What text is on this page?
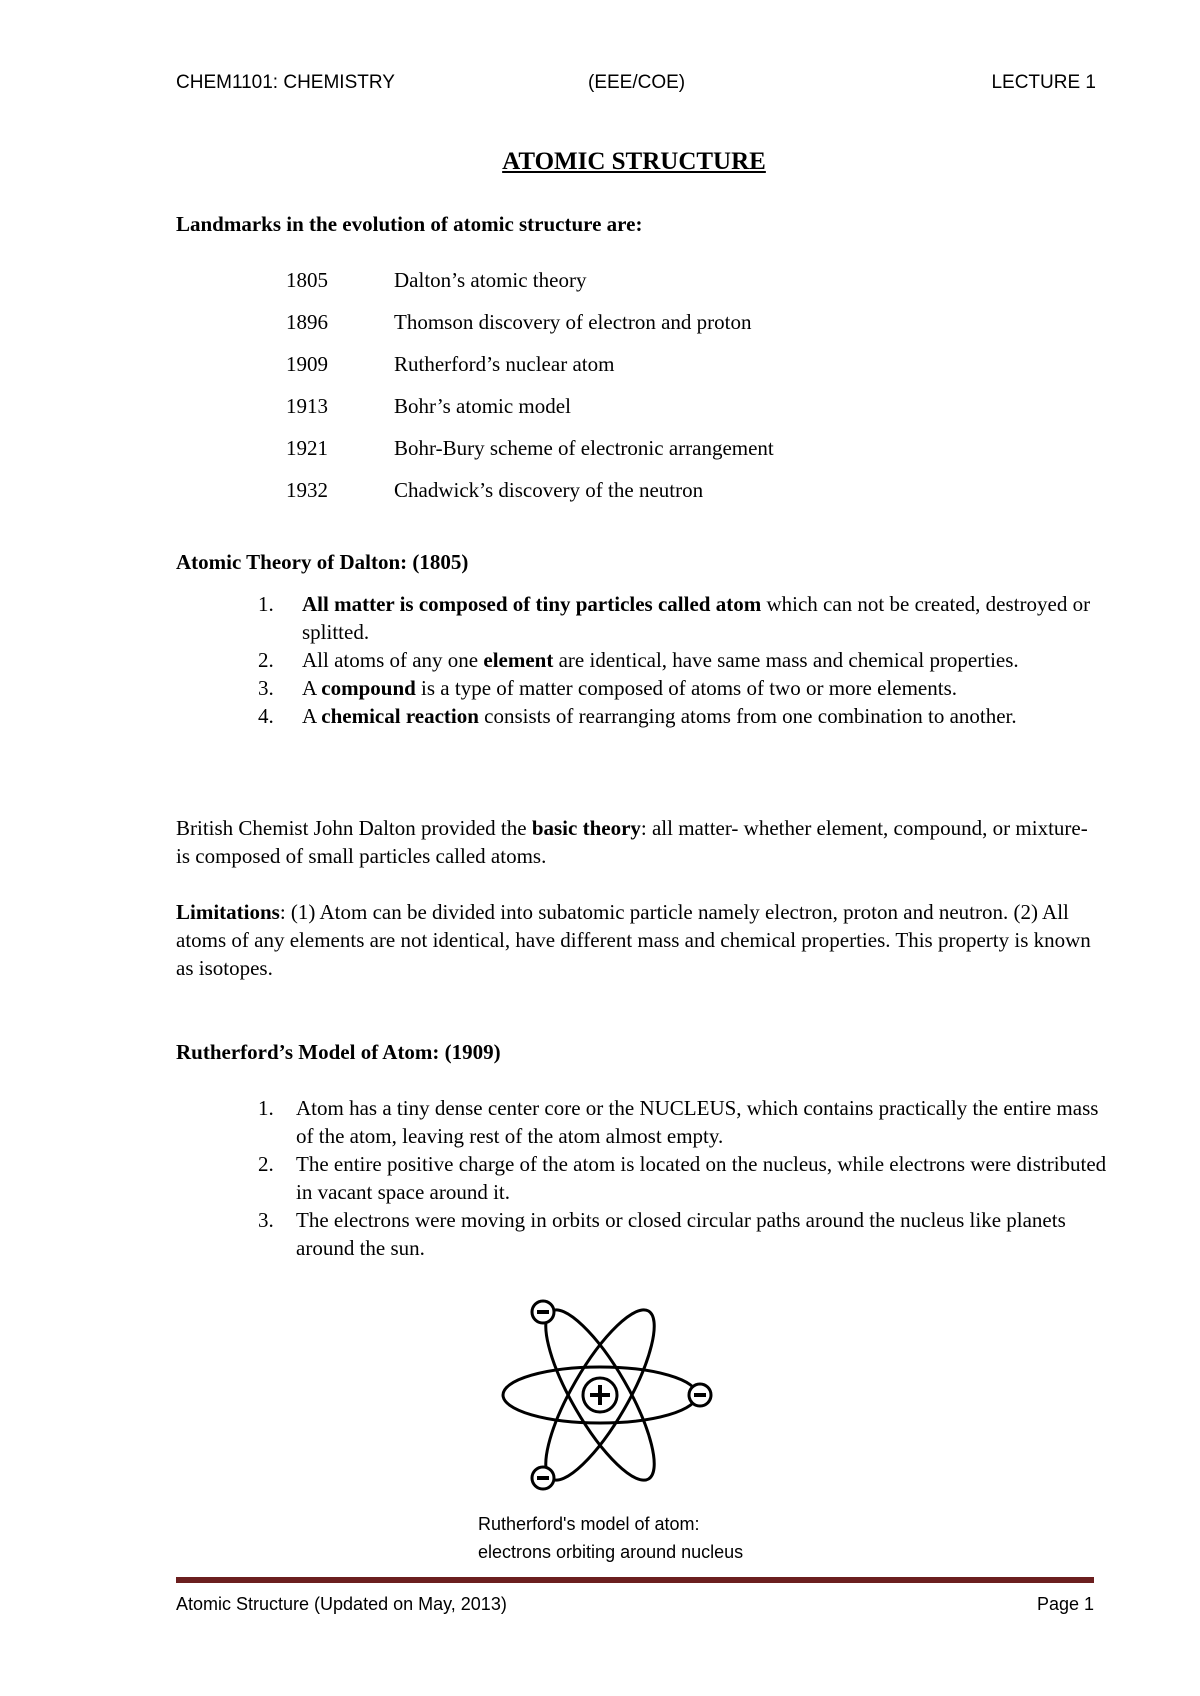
CHEM1101: CHEMISTRY	(EEE/COE)	LECTURE 1
ATOMIC STRUCTURE
Landmarks in the evolution of atomic structure are:
1805	Dalton’s atomic theory
1896	Thomson discovery of electron and proton
1909	Rutherford’s nuclear atom
1913	Bohr’s atomic model
1921	Bohr-Bury scheme of electronic arrangement
1932	Chadwick’s discovery of the neutron
Atomic Theory of Dalton: (1805)
1. All matter is composed of tiny particles called atom which can not be created, destroyed or splitted.
2. All atoms of any one element are identical, have same mass and chemical properties.
3. A compound is a type of matter composed of atoms of two or more elements.
4. A chemical reaction consists of rearranging atoms from one combination to another.
British Chemist John Dalton provided the basic theory: all matter- whether element, compound, or mixture- is composed of small particles called atoms.
Limitations: (1) Atom can be divided into subatomic particle namely electron, proton and neutron. (2) All atoms of any elements are not identical, have different mass and chemical properties. This property is known as isotopes.
Rutherford’s Model of Atom: (1909)
1. Atom has a tiny dense center core or the NUCLEUS, which contains practically the entire mass of the atom, leaving rest of the atom almost empty.
2. The entire positive charge of the atom is located on the nucleus, while electrons were distributed in vacant space around it.
3. The electrons were moving in orbits or closed circular paths around the nucleus like planets around the sun.
Rutherford's model of atom:
electrons orbiting around nucleus
Atomic Structure (Updated on May, 2013)	Page 1
